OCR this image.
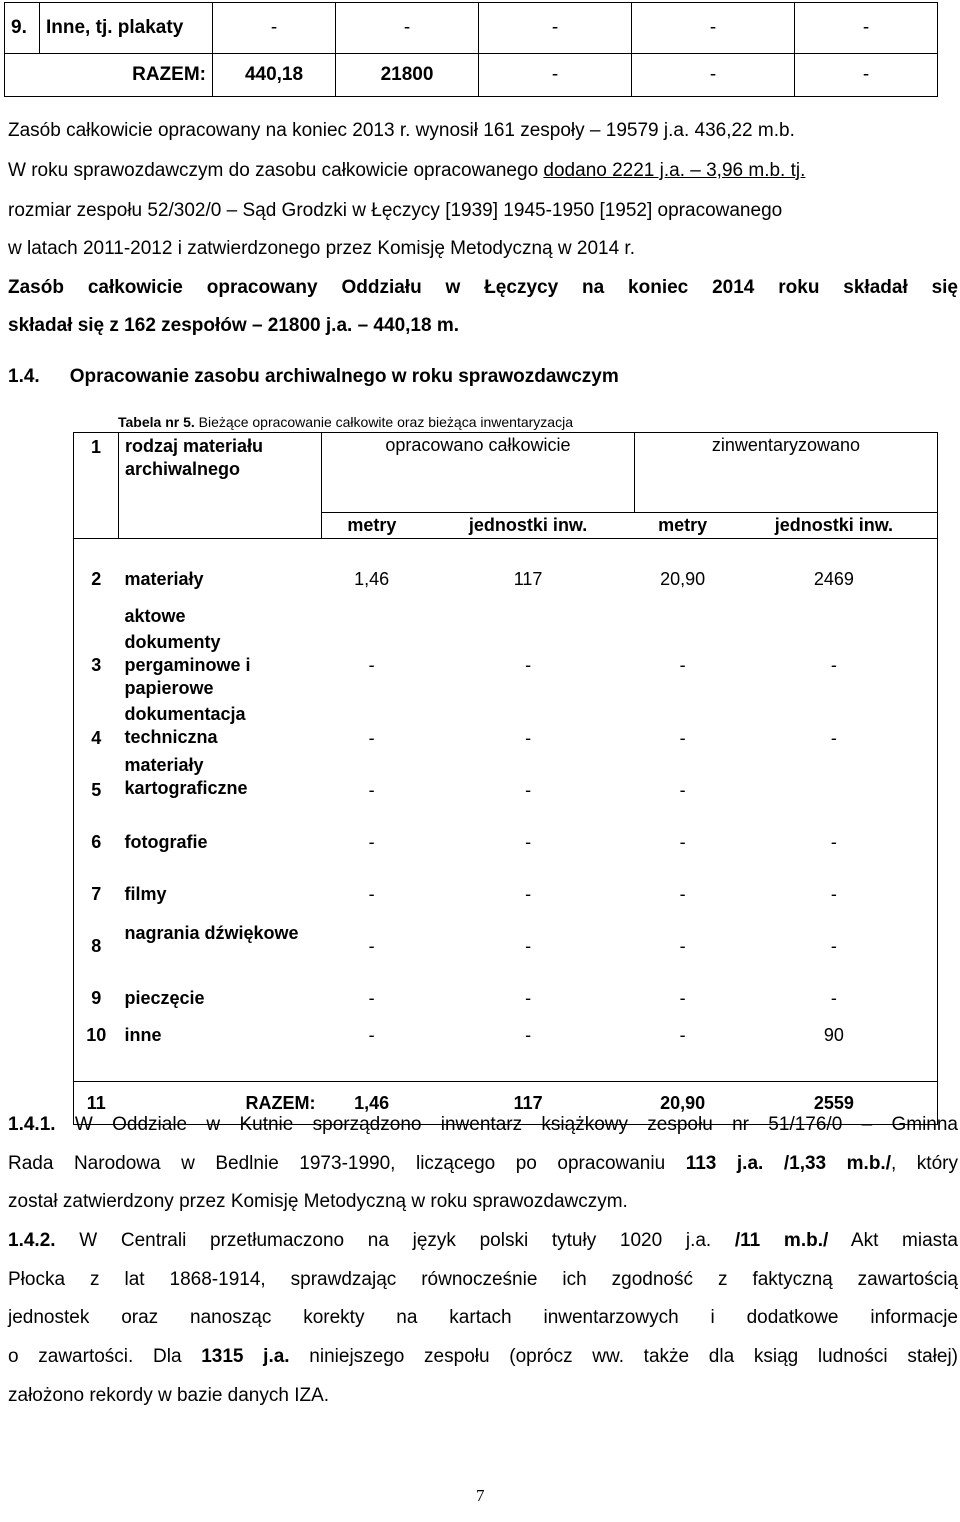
9.	Inne, tj. plakaty	-	-	-	-	-
RAZEM:		440,18	21800	-	-	-
Zasób całkowicie opracowany na koniec 2013 r. wynosił 161 zespoły – 19579 j.a. 436,22 m.b.
W roku sprawozdawczym do zasobu całkowicie opracowanego dodano 2221 j.a. – 3,96 m.b. tj.
rozmiar zespołu 52/302/0 – Sąd Grodzki w Łęczycy [1939] 1945-1950 [1952] opracowanego
w latach 2011-2012 i zatwierdzonego przez Komisję Metodyczną w 2014 r.
Zasób całkowicie opracowany Oddziału w Łęczycy na koniec 2014 roku składał się
składał się z 162 zespołów – 21800 j.a. – 440,18 m.
1.4. Opracowanie zasobu archiwalnego w roku sprawozdawczym
Tabela nr 5. Bieżące opracowanie całkowite oraz bieżąca inwentaryzacja
1	rodzaj materiału archiwalnego	opracowano całkowicie		zinwentaryzowano	
		metry	jednostki inw.	metry	jednostki inw.
2	materiały	1,46	117	20,90	2469
	aktowe				
3	dokumenty pergaminowe i papierowe	-	-	-	-
4	dokumentacja techniczna	-	-	-	-
5	materiały kartograficzne	-	-	-	
6	fotografie	-	-	-	-
7	filmy	-	-	-	-
8	nagrania dźwiękowe	-	-	-	-
9	pieczęcie	-	-	-	-
10	inne	-	-	-	90
11	RAZEM:	1,46	117	20,90	2559
1.4.1. W Oddziale w Kutnie sporządzono inwentarz książkowy zespołu nr 51/176/0 – Gminna
Rada Narodowa w Bedlnie 1973-1990, liczącego po opracowaniu 113 j.a. /1,33 m.b./, który
został zatwierdzony przez Komisję Metodyczną w roku sprawozdawczym.
1.4.2. W Centrali przetłumaczono na język polski tytuły 1020 j.a. /11 m.b./ Akt miasta
Płocka z lat 1868-1914, sprawdzając równocześnie ich zgodność z faktyczną zawartością
jednostek oraz nanosząc korekty na kartach inwentarzowych i dodatkowe informacje
o zawartości. Dla 1315 j.a. niniejszego zespołu (oprócz ww. także dla ksiąg ludności stałej)
założono rekordy w bazie danych IZA.
7
